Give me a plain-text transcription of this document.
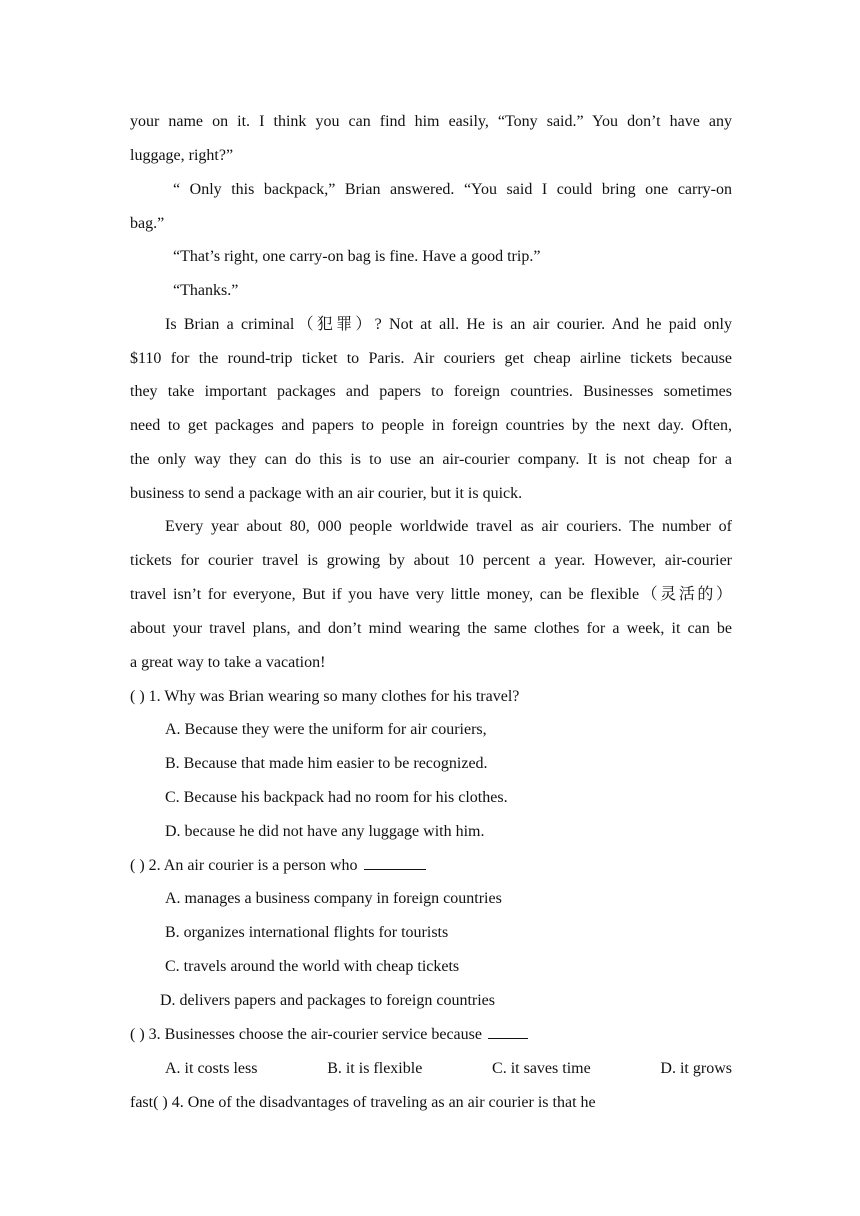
your name on it. I think you can find him easily, “Tony said.” You don’t have any
luggage, right?”
“ Only this backpack,” Brian answered. “You said I could bring one carry-on
bag.”
“That’s right, one carry-on bag is fine. Have a good trip.”
“Thanks.”
Is Brian a criminal（犯罪）? Not at all. He is an air courier. And he paid only
$110 for the round-trip ticket to Paris. Air couriers get cheap airline tickets because
they take important packages and papers to foreign countries. Businesses sometimes
need to get packages and papers to people in foreign countries by the next day. Often,
the only way they can do this is to use an air-courier company. It is not cheap for a
business to send a package with an air courier, but it is quick.
Every year about 80, 000 people worldwide travel as air couriers. The number of
tickets for courier travel is growing by about 10 percent a year. However, air-courier
travel isn’t for everyone, But if you have very little money, can be flexible（灵活的）
about your travel plans, and don’t mind wearing the same clothes for a week, it can be
a great way to take a vacation!
( ) 1. Why was Brian wearing so many clothes for his travel?
A. Because they were the uniform for air couriers,
B. Because that made him easier to be recognized.
C. Because his backpack had no room for his clothes.
D. because he did not have any luggage with him.
( ) 2. An air courier is a person who
A. manages a business company in foreign countries
B. organizes international flights for tourists
C. travels around the world with cheap tickets
D. delivers papers and packages to foreign countries
( ) 3. Businesses choose the air-courier service because
A. it costs less	B. it is flexible	C. it saves time	D. it grows
fast( ) 4. One of the disadvantages of traveling as an air courier is that he
